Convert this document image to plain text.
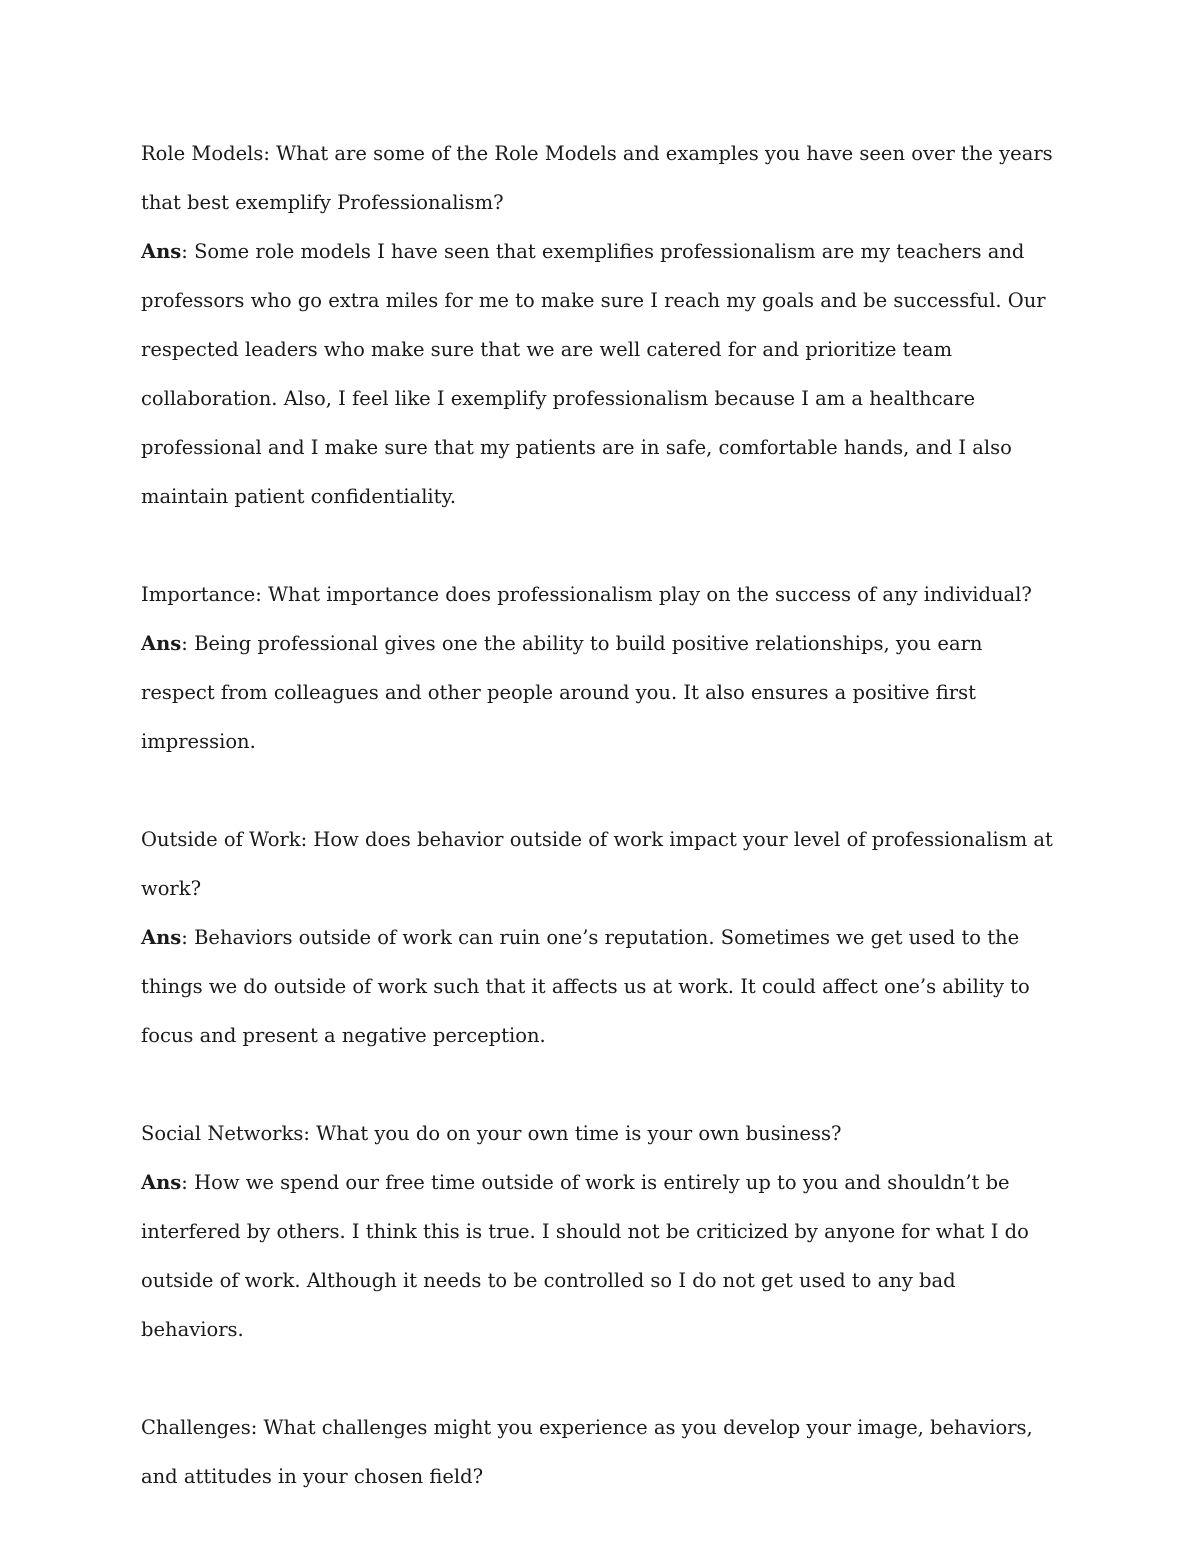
Role Models: What are some of the Role Models and examples you have seen over the years that best exemplify Professionalism?

Ans: Some role models I have seen that exemplifies professionalism are my teachers and professors who go extra miles for me to make sure I reach my goals and be successful. Our respected leaders who make sure that we are well catered for and prioritize team collaboration. Also, I feel like I exemplify professionalism because I am a healthcare professional and I make sure that my patients are in safe, comfortable hands, and I also maintain patient confidentiality.

Importance: What importance does professionalism play on the success of any individual?

Ans: Being professional gives one the ability to build positive relationships, you earn respect from colleagues and other people around you. It also ensures a positive first impression.

Outside of Work: How does behavior outside of work impact your level of professionalism at work?

Ans: Behaviors outside of work can ruin one’s reputation. Sometimes we get used to the things we do outside of work such that it affects us at work. It could affect one’s ability to focus and present a negative perception.

Social Networks: What you do on your own time is your own business?

Ans: How we spend our free time outside of work is entirely up to you and shouldn’t be interfered by others. I think this is true. I should not be criticized by anyone for what I do outside of work. Although it needs to be controlled so I do not get used to any bad behaviors.

Challenges: What challenges might you experience as you develop your image, behaviors, and attitudes in your chosen field?
